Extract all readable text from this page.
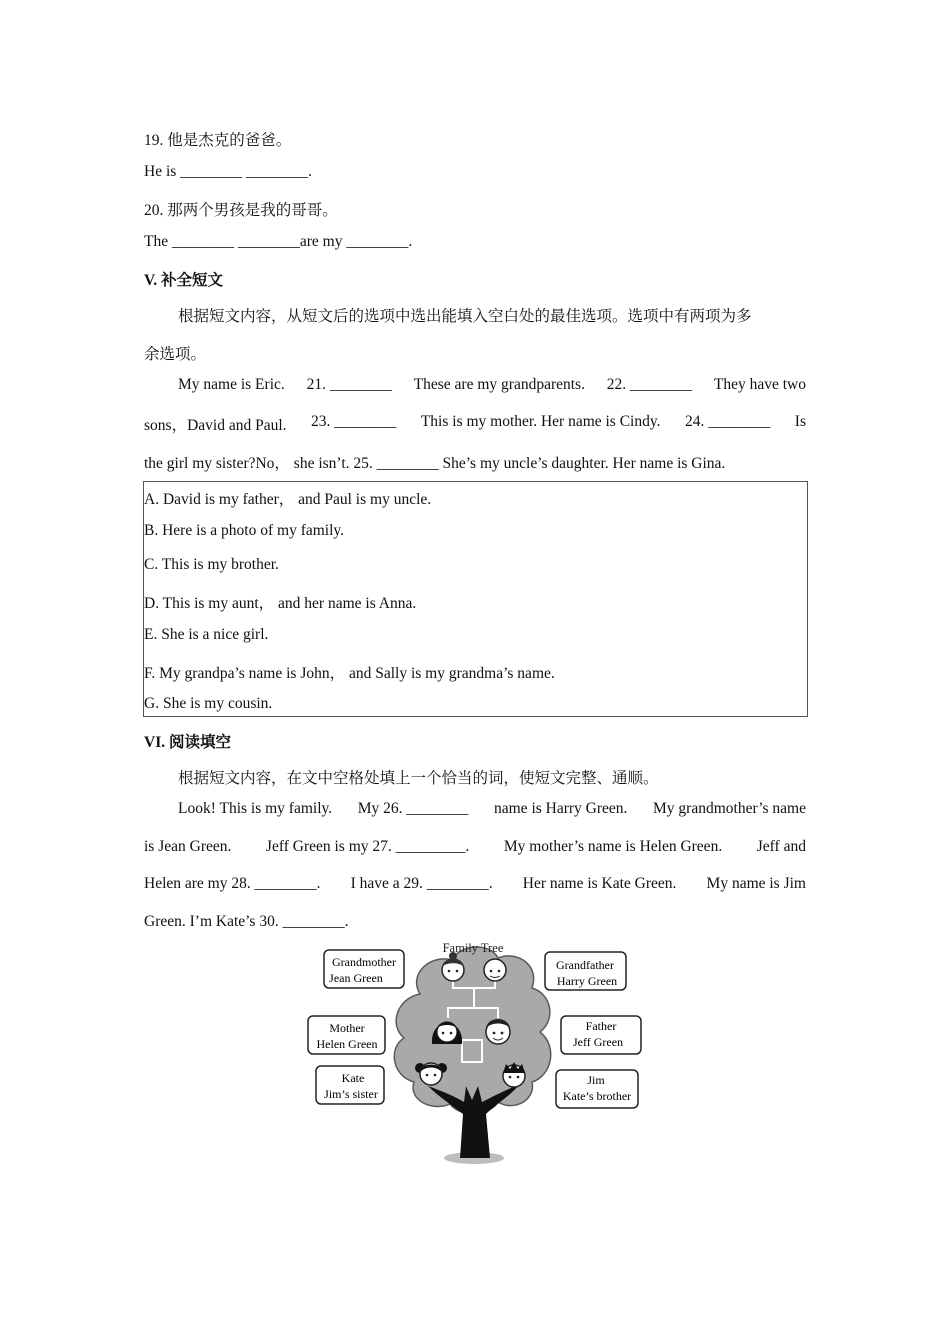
19. 他是杰克的爸爸。
He is ________ ________.
20. 那两个男孩是我的哥哥。
The ________ ________are my ________.
V. 补全短文
根据短文内容，从短文后的选项中选出能填入空白处的最佳选项。选项中有两项为多
余选项。
My name is Eric. 21. ________ These are my grandparents. 22. ________ They have two
sons，David and Paul. 23. ________ This is my mother. Her name is Cindy. 24. ________ Is
the girl my sister?No， she isn’t. 25. ________ She’s my uncle’s daughter. Her name is Gina.
A. David is my father， and Paul is my uncle.
B. Here is a photo of my family.
C. This is my brother.
D. This is my aunt， and her name is Anna.
E. She is a nice girl.
F. My grandpa’s name is John， and Sally is my grandma’s name.
G. She is my cousin.
VI. 阅读填空
根据短文内容，在文中空格处填上一个恰当的词，使短文完整、通顺。
Look! This is my family. My 26. ________ name is Harry Green. My grandmother’s name
is Jean Green. Jeff Green is my 27. _________. My mother’s name is Helen Green. Jeff and
Helen are my 28. ________. I have a 29. ________. Her name is Kate Green. My name is Jim
Green. I’m Kate’s 30. ________.
Family Tree
Grandmother
Jean Green
Grandfather
Harry Green
Mother
Helen Green
Father
Jeff Green
Kate
Jim’s sister
Jim
Kate’s brother
